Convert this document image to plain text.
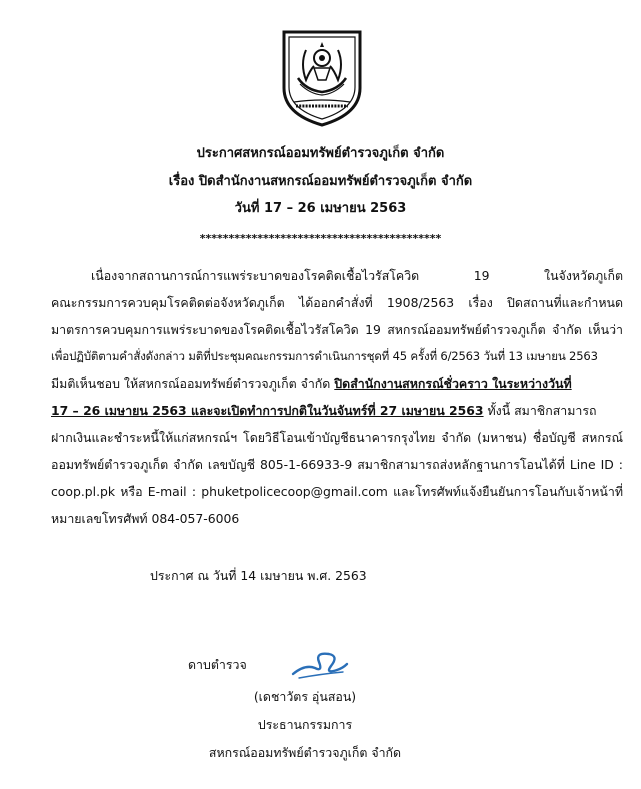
ประกาศสหกรณ์ออมทรัพย์ตำรวจภูเก็ต จำกัด
เรื่อง ปิดสำนักงานสหกรณ์ออมทรัพย์ตำรวจภูเก็ต จำกัด
วันที่ 17 – 26 เมษายน 2563
******************************************
เนื่องจากสถานการณ์การแพร่ระบาดของโรคติดเชื้อไวรัสโควิด 19 ในจังหวัดภูเก็ต
คณะกรรมการควบคุมโรคติดต่อจังหวัดภูเก็ต ได้ออกคำสั่งที่ 1908/2563 เรื่อง ปิดสถานที่และกำหนด
มาตรการควบคุมการแพร่ระบาดของโรคติดเชื้อไวรัสโควิด 19 สหกรณ์ออมทรัพย์ตำรวจภูเก็ต จำกัด เห็นว่า
เพื่อปฏิบัติตามคำสั่งดังกล่าว มติที่ประชุมคณะกรรมการดำเนินการชุดที่ 45 ครั้งที่ 6/2563 วันที่ 13 เมษายน 2563
มีมติเห็นชอบ ให้สหกรณ์ออมทรัพย์ตำรวจภูเก็ต จำกัด ปิดสำนักงานสหกรณ์ชั่วคราว ในระหว่างวันที่
17 – 26 เมษายน 2563 และจะเปิดทำการปกติในวันจันทร์ที่ 27 เมษายน 2563 ทั้งนี้ สมาชิกสามารถ
ฝากเงินและชำระหนี้ให้แก่สหกรณ์ฯ โดยวิธีโอนเข้าบัญชีธนาคารกรุงไทย จำกัด (มหาชน) ชื่อบัญชี สหกรณ์
ออมทรัพย์ตำรวจภูเก็ต จำกัด เลขบัญชี 805-1-66933-9 สมาชิกสามารถส่งหลักฐานการโอนได้ที่ Line ID :
coop.pl.pk หรือ E-mail : phuketpolicecoop@gmail.com และโทรศัพท์แจ้งยืนยันการโอนกับเจ้าหน้าที่
หมายเลขโทรศัพท์ 084-057-6006
ประกาศ ณ วันที่ 14 เมษายน พ.ศ. 2563
ดาบตำรวจ
(เดชาวัตร อุ่นสอน)
ประธานกรรมการ
สหกรณ์ออมทรัพย์ตำรวจภูเก็ต จำกัด
